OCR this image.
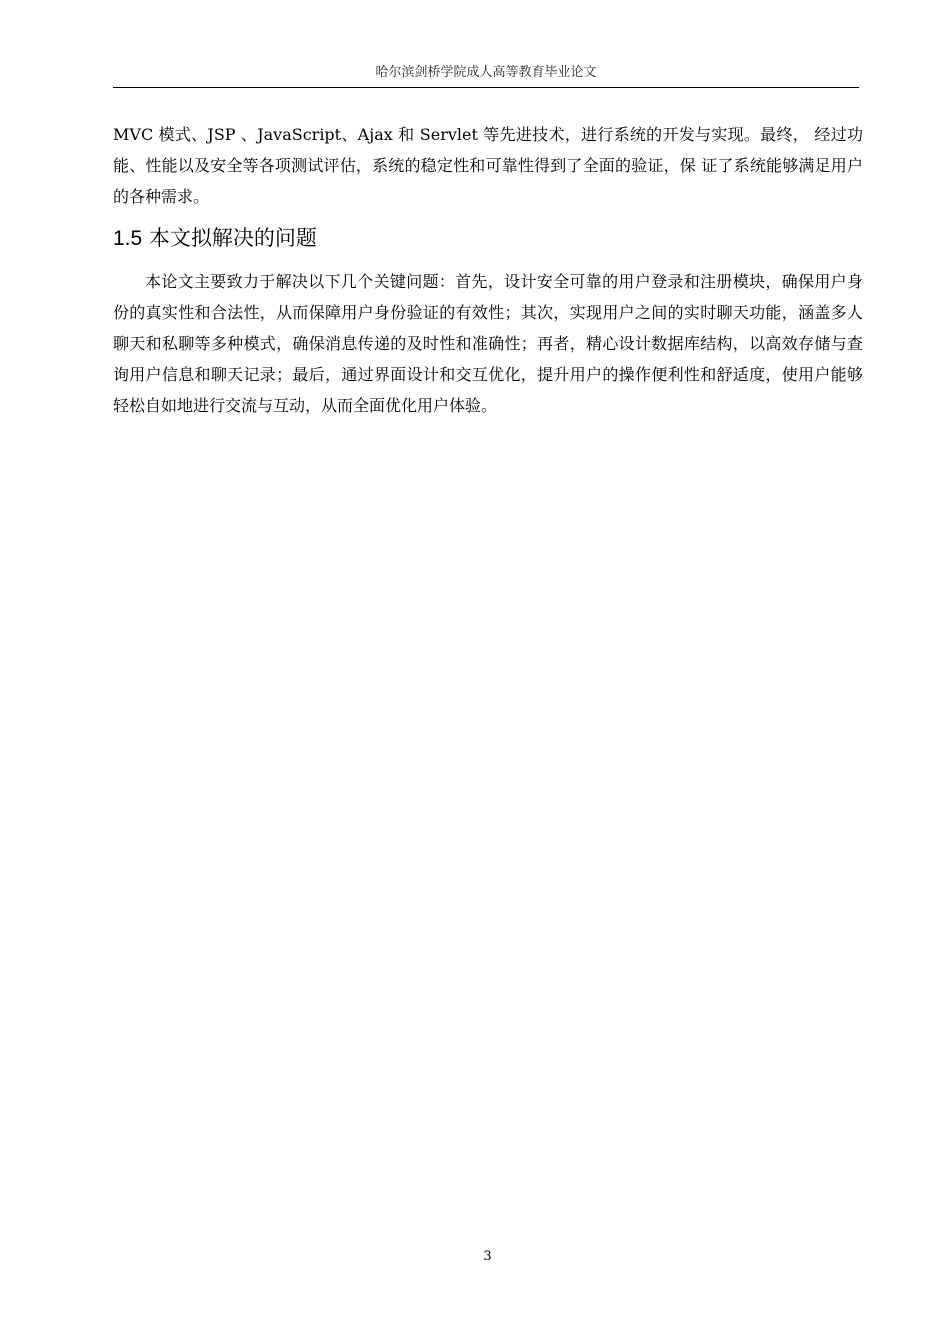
哈尔滨剑桥学院成人高等教育毕业论文

MVC 模式、JSP 、JavaScript、Ajax 和 Servlet 等先进技术，进行系统的开发与实现。最终， 经过功能、性能以及安全等各项测试评估，系统的稳定性和可靠性得到了全面的验证，保 证了系统能够满足用户的各种需求。

1.5 本文拟解决的问题

本论文主要致力于解决以下几个关键问题：首先，设计安全可靠的用户登录和注册模块，确保用户身份的真实性和合法性，从而保障用户身份验证的有效性；其次，实现用户之间的实时聊天功能，涵盖多人聊天和私聊等多种模式，确保消息传递的及时性和准确性；再者，精心设计数据库结构，以高效存储与查询用户信息和聊天记录；最后，通过界面设计和交互优化，提升用户的操作便利性和舒适度，使用户能够轻松自如地进行交流与互动，从而全面优化用户体验。

3
